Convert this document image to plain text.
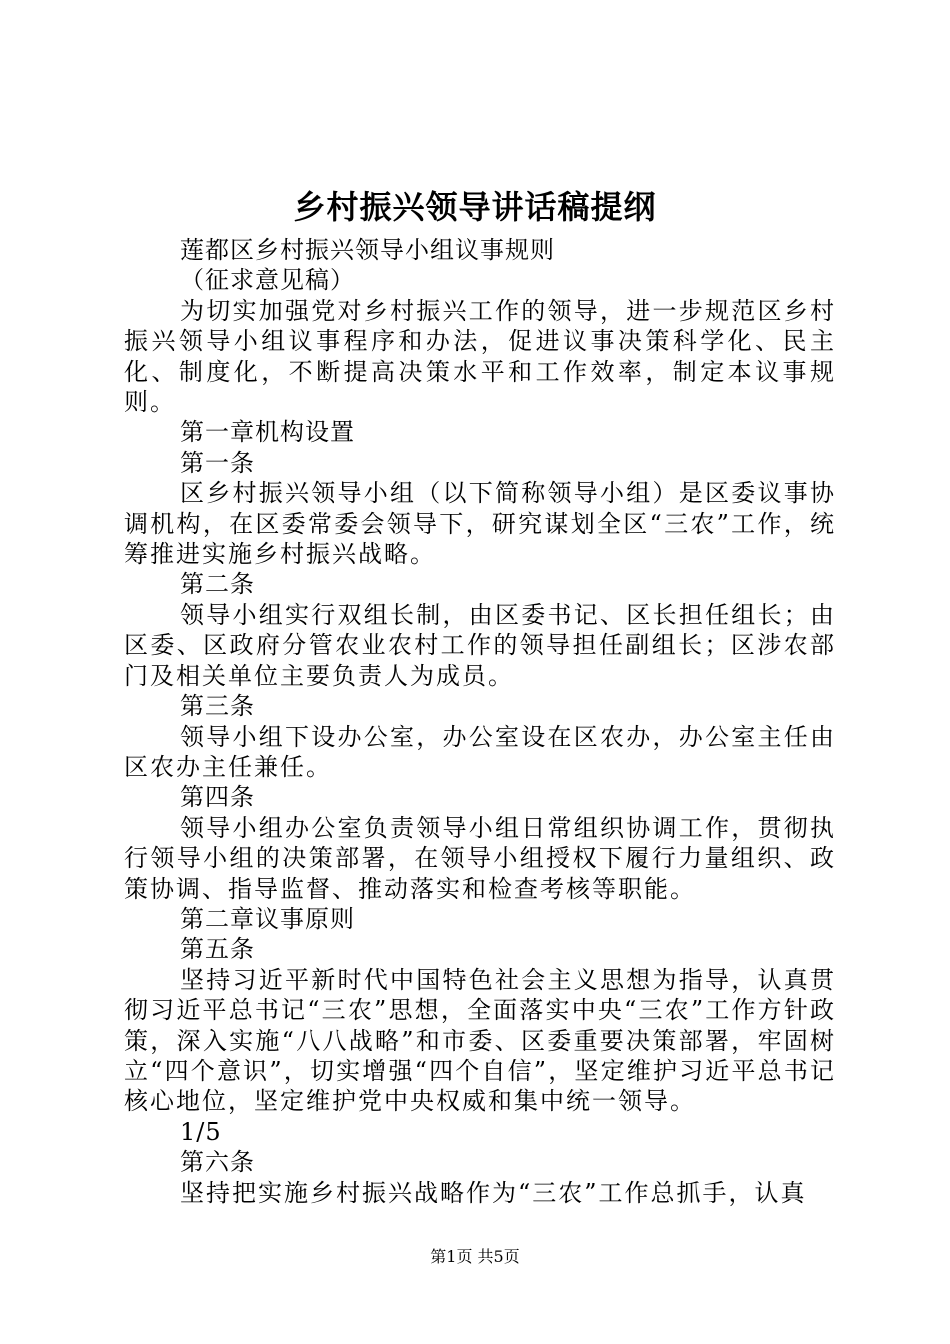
乡村振兴领导讲话稿提纲

莲都区乡村振兴领导小组议事规则

（征求意见稿）

为切实加强党对乡村振兴工作的领导，进一步规范区乡村振兴领导小组议事程序和办法，促进议事决策科学化、民主化、制度化，不断提高决策水平和工作效率，制定本议事规则。

第一章机构设置

第一条

区乡村振兴领导小组（以下简称领导小组）是区委议事协调机构，在区委常委会领导下，研究谋划全区“三农”工作，统筹推进实施乡村振兴战略。

第二条

领导小组实行双组长制，由区委书记、区长担任组长；由区委、区政府分管农业农村工作的领导担任副组长；区涉农部门及相关单位主要负责人为成员。

第三条

领导小组下设办公室，办公室设在区农办，办公室主任由区农办主任兼任。

第四条

领导小组办公室负责领导小组日常组织协调工作，贯彻执行领导小组的决策部署，在领导小组授权下履行力量组织、政策协调、指导监督、推动落实和检查考核等职能。

第二章议事原则

第五条

坚持习近平新时代中国特色社会主义思想为指导，认真贯彻习近平总书记“三农”思想，全面落实中央“三农”工作方针政策，深入实施“八八战略”和市委、区委重要决策部署，牢固树立“四个意识”，切实增强“四个自信”，坚定维护习近平总书记核心地位，坚定维护党中央权威和集中统一领导。

1/5

第六条

坚持把实施乡村振兴战略作为“三农”工作总抓手，认真

第1页 共5页
